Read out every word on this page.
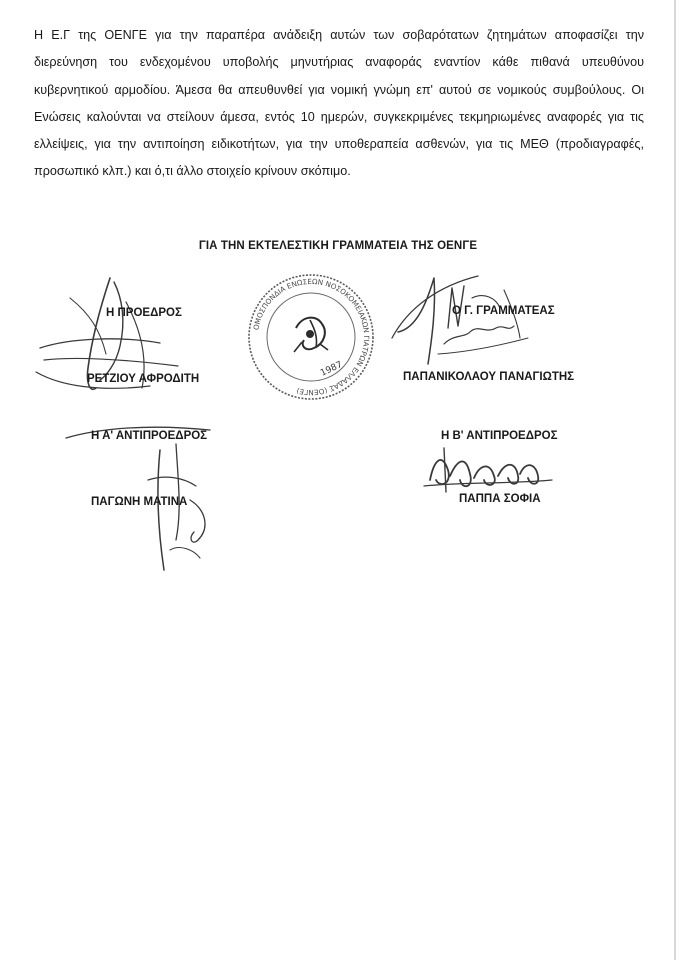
Η Ε.Γ της ΟΕΝΓΕ για την παραπέρα ανάδειξη αυτών των σοβαρότατων ζητημάτων αποφασίζει την διερεύνηση του ενδεχομένου υποβολής μηνυτήριας αναφοράς εναντίον κάθε πιθανά υπευθύνου κυβερνητικού αρμοδίου. Άμεσα θα απευθυνθεί για νομική γνώμη επ' αυτού σε νομικούς συμβούλους. Οι Ενώσεις καλούνται να στείλουν άμεσα, εντός 10 ημερών, συγκεκριμένες τεκμηριωμένες αναφορές για τις ελλείψεις, για την αντιποίηση ειδικοτήτων, για την υποθεραπεία ασθενών, για τις ΜΕΘ (προδιαγραφές, προσωπικό κλπ.) και ό,τι άλλο στοιχείο κρίνουν σκόπιμο.

ΓΙΑ ΤΗΝ ΕΚΤΕΛΕΣΤΙΚΗ ΓΡΑΜΜΑΤΕΙΑ ΤΗΣ ΟΕΝΓΕ
Η ΠΡΟΕΔΡΟΣ
ΡΕΤΖΙΟΥ ΑΦΡΟΔΙΤΗ
ΟΜΟΣΠΟΝΔΙΑ ΕΝΩΣΕΩΝ ΝΟΣΟΚΟΜΕΙΑΚΩΝ ΓΙΑΤΡΩΝ ΕΛΛΑΔΑΣ (ΟΕΝΓΕ)
1987
Ο Γ. ΓΡΑΜΜΑΤΕΑΣ
ΠΑΠΑΝΙΚΟΛΑΟΥ ΠΑΝΑΓΙΩΤΗΣ
Η Α' ΑΝΤΙΠΡΟΕΔΡΟΣ
ΠΑΓΩΝΗ ΜΑΤΙΝΑ
Η Β' ΑΝΤΙΠΡΟΕΔΡΟΣ
ΠΑΠΠΑ ΣΟΦΙΑ
